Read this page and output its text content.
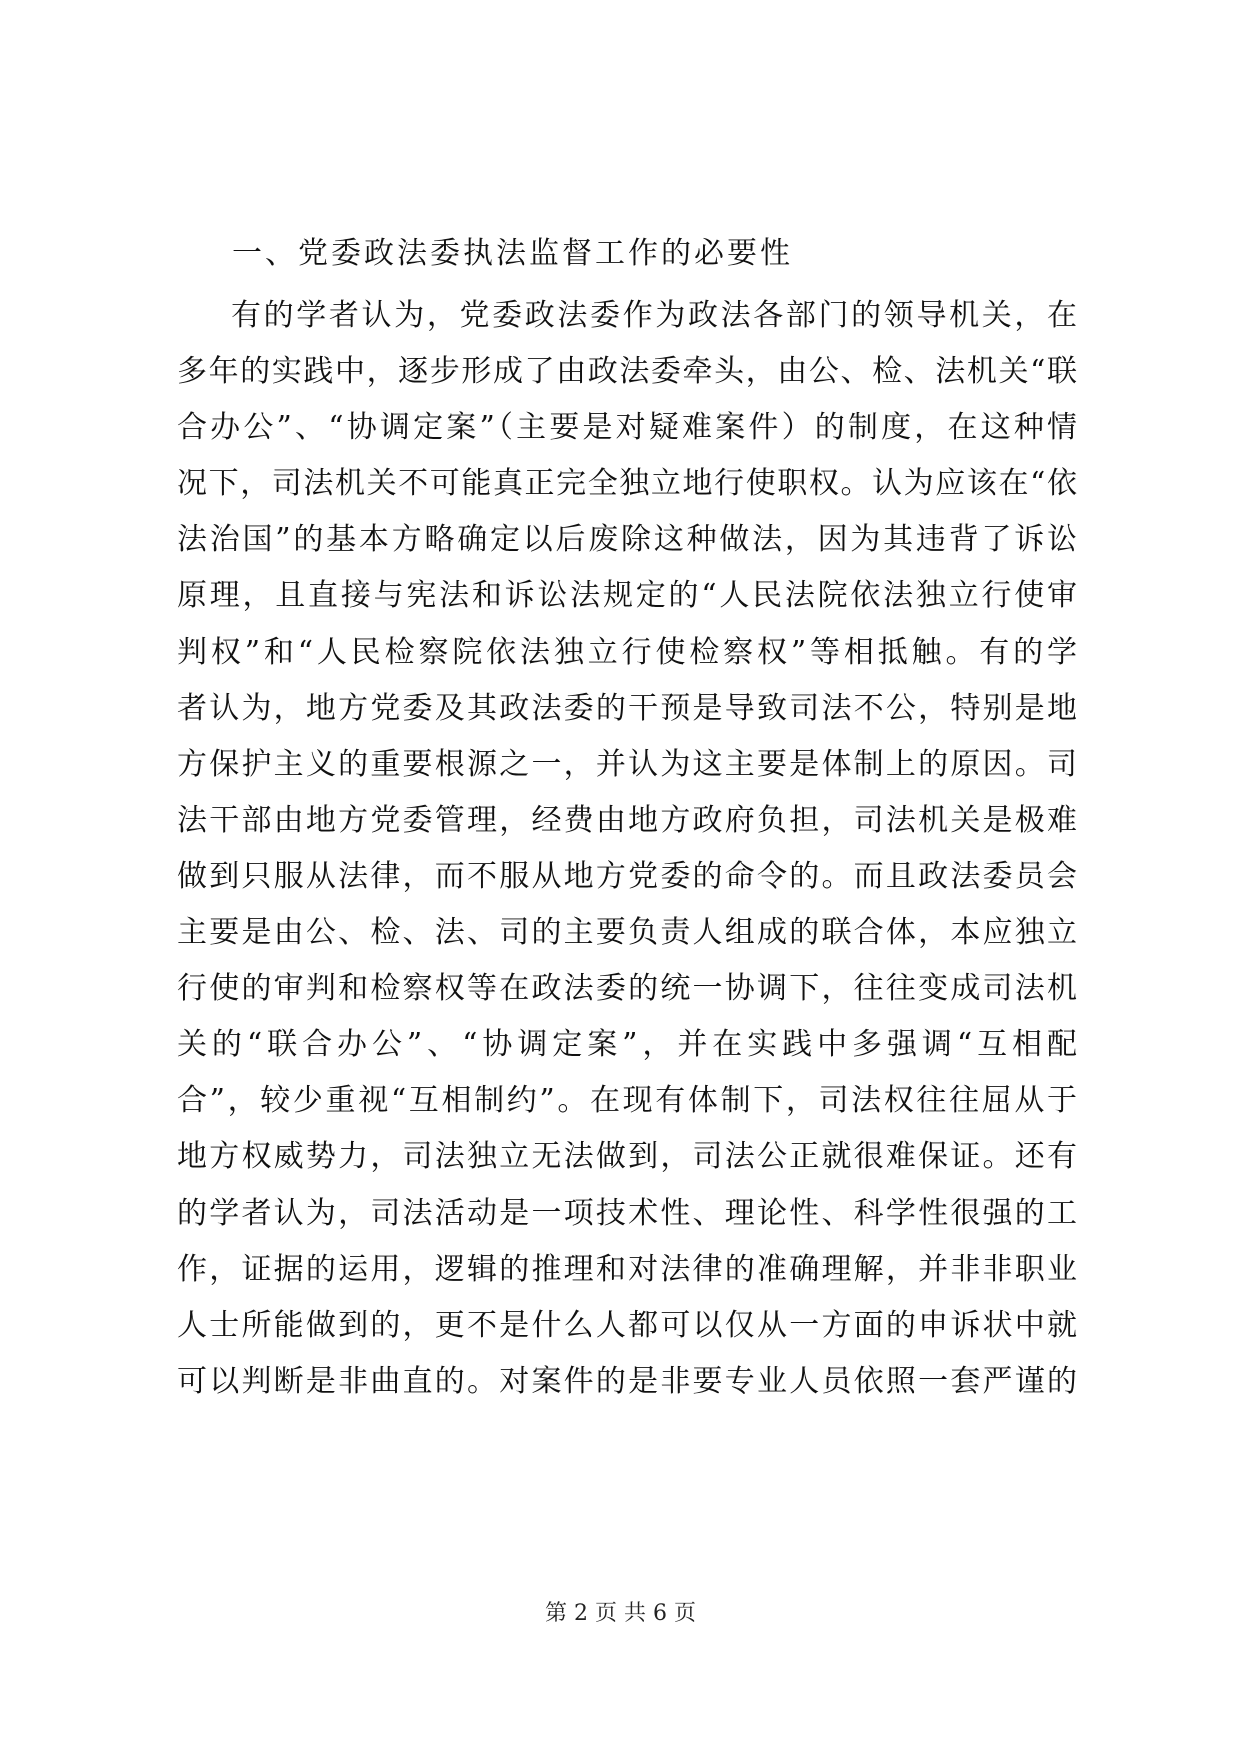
一、党委政法委执法监督工作的必要性
有的学者认为，党委政法委作为政法各部门的领导机关，在
多年的实践中，逐步形成了由政法委牵头，由公、检、法机关“联
合办公”、“协调定案”（主要是对疑难案件）的制度，在这种情
况下，司法机关不可能真正完全独立地行使职权。认为应该在“依
法治国”的基本方略确定以后废除这种做法，因为其违背了诉讼
原理，且直接与宪法和诉讼法规定的“人民法院依法独立行使审
判权”和“人民检察院依法独立行使检察权”等相抵触。有的学
者认为，地方党委及其政法委的干预是导致司法不公，特别是地
方保护主义的重要根源之一，并认为这主要是体制上的原因。司
法干部由地方党委管理，经费由地方政府负担，司法机关是极难
做到只服从法律，而不服从地方党委的命令的。而且政法委员会
主要是由公、检、法、司的主要负责人组成的联合体，本应独立
行使的审判和检察权等在政法委的统一协调下，往往变成司法机
关的“联合办公”、“协调定案”，并在实践中多强调“互相配
合”，较少重视“互相制约”。在现有体制下，司法权往往屈从于
地方权威势力，司法独立无法做到，司法公正就很难保证。还有
的学者认为，司法活动是一项技术性、理论性、科学性很强的工
作，证据的运用，逻辑的推理和对法律的准确理解，并非非职业
人士所能做到的，更不是什么人都可以仅从一方面的申诉状中就
可以判断是非曲直的。对案件的是非要专业人员依照一套严谨的
第 2 页 共 6 页
